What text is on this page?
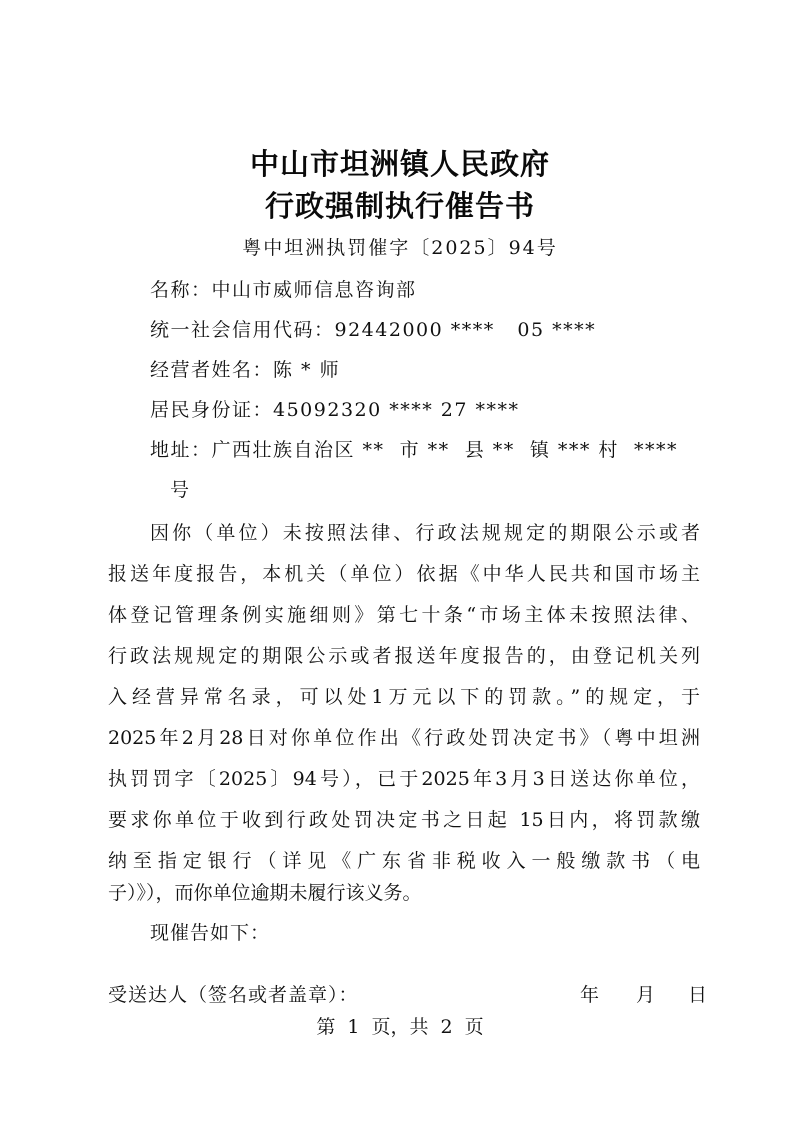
中山市坦洲镇人民政府
行政强制执行催告书
粤中坦洲执罚催字〔2025〕94号
名称：中山市威师信息咨询部
统一社会信用代码：92442000 ****   05 ****
经营者姓名：陈 * 师
居民身份证：45092320 **** 27 ****
地址：广西壮族自治区 **  市 **  县 **  镇 *** 村  ****
号
因你（单位）未按照法律、行政法规规定的期限公示或者
报送年度报告，本机关（单位）依据《中华人民共和国市场主
体登记管理条例实施细则》第七十条“市场主体未按照法律、
行政法规规定的期限公示或者报送年度报告的，由登记机关列
入经营异常名录，可以处1万元以下的罚款。”的规定，于
2025年2月28日对你单位作出《行政处罚决定书》（粤中坦洲
执罚罚字〔2025〕94号），已于2025年3月3日送达你单位，
要求你单位于收到行政处罚决定书之日起 15日内，将罚款缴
纳至指定银行（详见《广东省非税收入一般缴款书（电
子）》），而你单位逾期未履行该义务。
现催告如下：
受送达人（签名或者盖章）：	年 月 日
第 1 页，共 2 页
